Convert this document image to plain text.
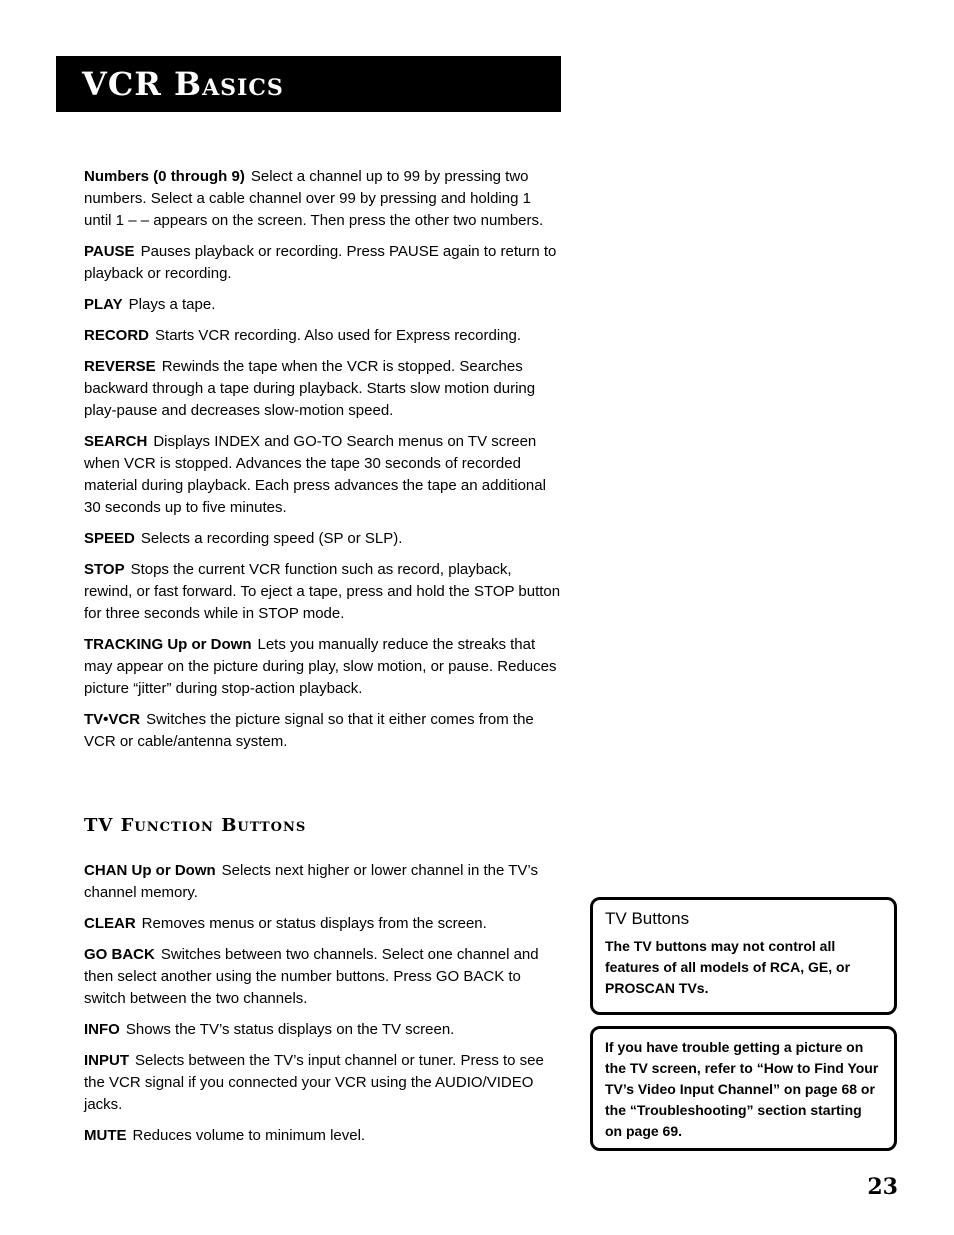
VCR Basics

Numbers (0 through 9) Select a channel up to 99 by pressing two numbers. Select a cable channel over 99 by pressing and holding 1 until 1 – – appears on the screen. Then press the other two numbers.

PAUSE Pauses playback or recording. Press PAUSE again to return to playback or recording.

PLAY Plays a tape.

RECORD Starts VCR recording. Also used for Express recording.

REVERSE Rewinds the tape when the VCR is stopped. Searches backward through a tape during playback. Starts slow motion during play-pause and decreases slow-motion speed.

SEARCH Displays INDEX and GO-TO Search menus on TV screen when VCR is stopped. Advances the tape 30 seconds of recorded material during playback. Each press advances the tape an additional 30 seconds up to five minutes.

SPEED Selects a recording speed (SP or SLP).

STOP Stops the current VCR function such as record, playback, rewind, or fast forward. To eject a tape, press and hold the STOP button for three seconds while in STOP mode.

TRACKING Up or Down Lets you manually reduce the streaks that may appear on the picture during play, slow motion, or pause. Reduces picture “jitter” during stop-action playback.

TV•VCR Switches the picture signal so that it either comes from the VCR or cable/antenna system.

TV Function Buttons

CHAN Up or Down Selects next higher or lower channel in the TV’s channel memory.

CLEAR Removes menus or status displays from the screen.

GO BACK Switches between two channels. Select one channel and then select another using the number buttons. Press GO BACK to switch between the two channels.

INFO Shows the TV’s status displays on the TV screen.

INPUT Selects between the TV’s input channel or tuner. Press to see the VCR signal if you connected your VCR using the AUDIO/VIDEO jacks.

MUTE Reduces volume to minimum level.

TV Buttons
The TV buttons may not control all features of all models of RCA, GE, or PROSCAN TVs.
If you have trouble getting a picture on the TV screen, refer to “How to Find Your TV’s Video Input Channel” on page 68 or the “Troubleshooting” section starting on page 69.
23
